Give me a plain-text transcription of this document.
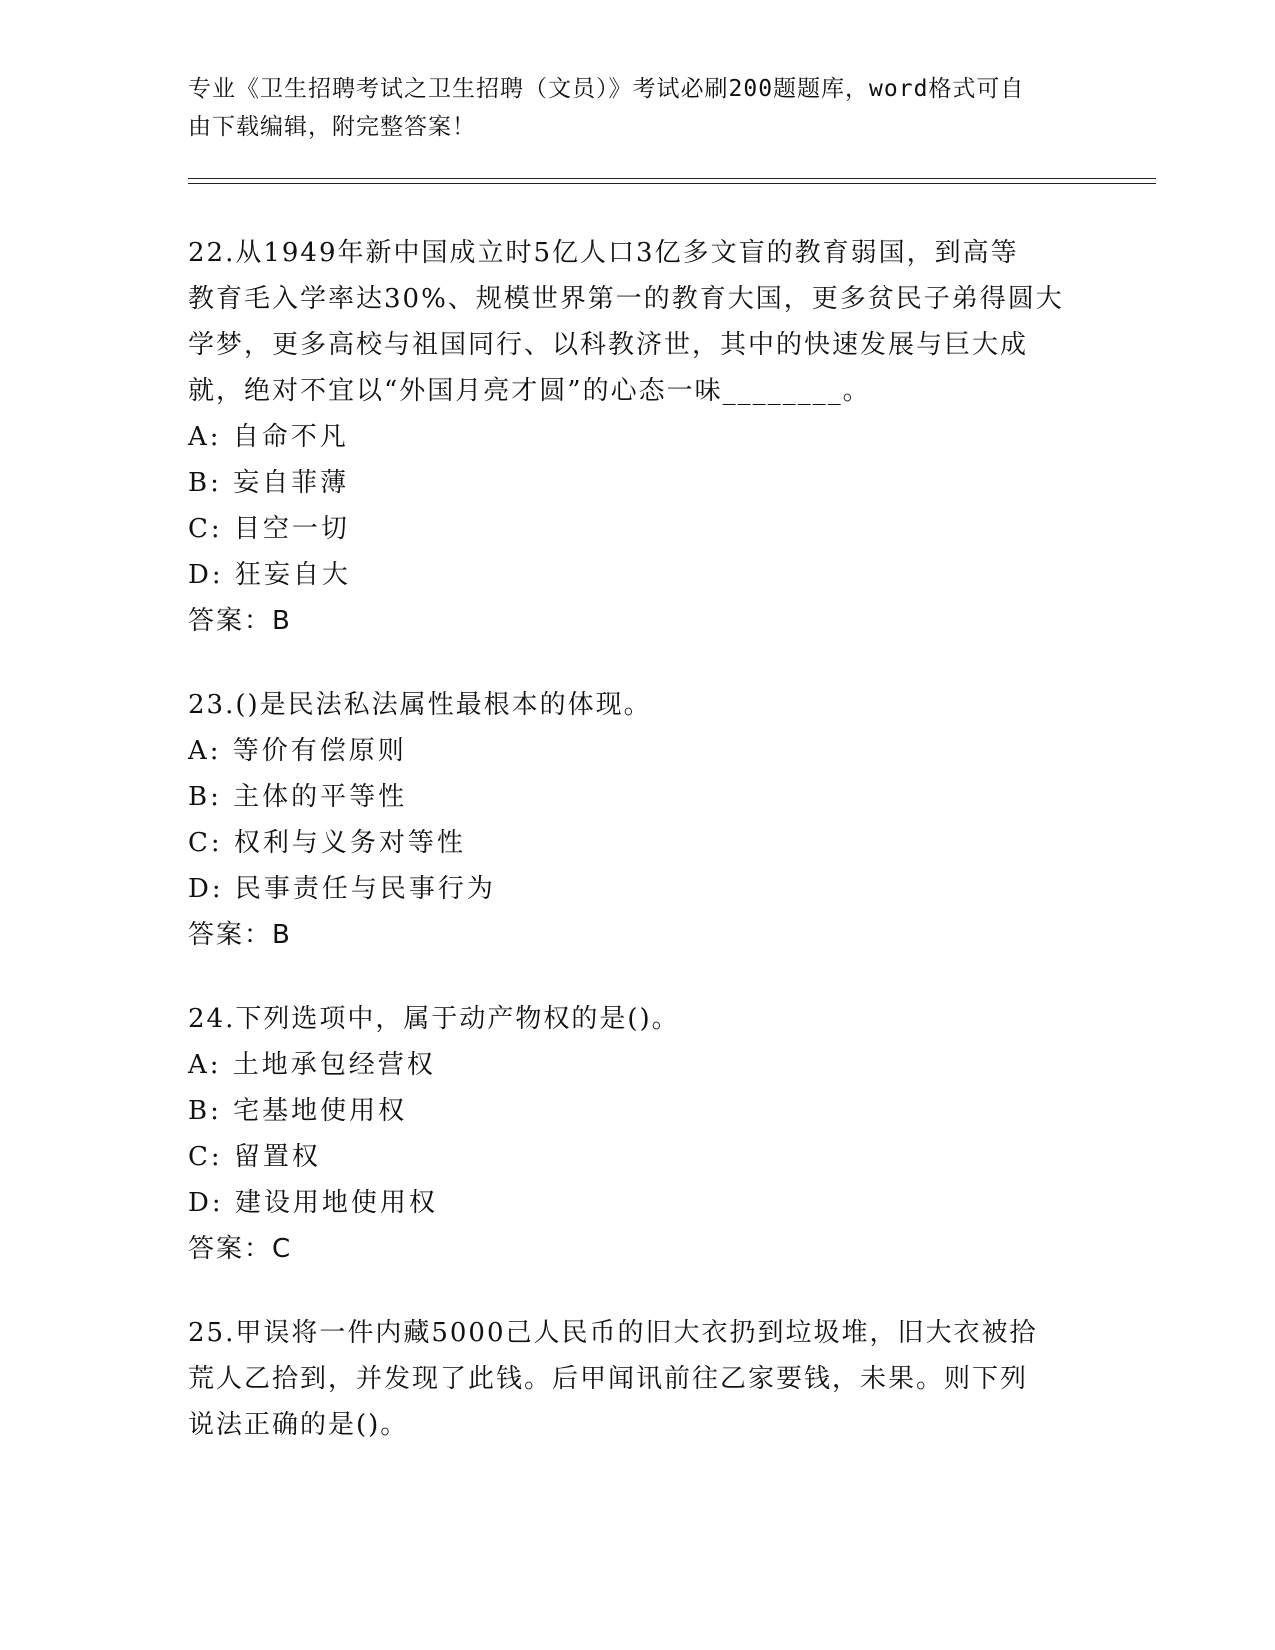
专业《卫生招聘考试之卫生招聘（文员）》考试必刷200题题库，word格式可自
由下载编辑，附完整答案！

22.从1949年新中国成立时5亿人口3亿多文盲的教育弱国，到高等

教育毛入学率达30%、规模世界第一的教育大国，更多贫民子弟得圆大

学梦，更多高校与祖国同行、以科教济世，其中的快速发展与巨大成

就，绝对不宜以“外国月亮才圆”的心态一味________。

A: 自命不凡

B: 妄自菲薄

C: 目空一切

D: 狂妄自大

答案：B

23.()是民法私法属性最根本的体现。

A: 等价有偿原则

B: 主体的平等性

C: 权利与义务对等性

D: 民事责任与民事行为

答案：B

24.下列选项中，属于动产物权的是()。

A: 土地承包经营权

B: 宅基地使用权

C: 留置权

D: 建设用地使用权

答案：C

25.甲误将一件内藏5000己人民币的旧大衣扔到垃圾堆，旧大衣被拾

荒人乙拾到，并发现了此钱。后甲闻讯前往乙家要钱，未果。则下列

说法正确的是()。
